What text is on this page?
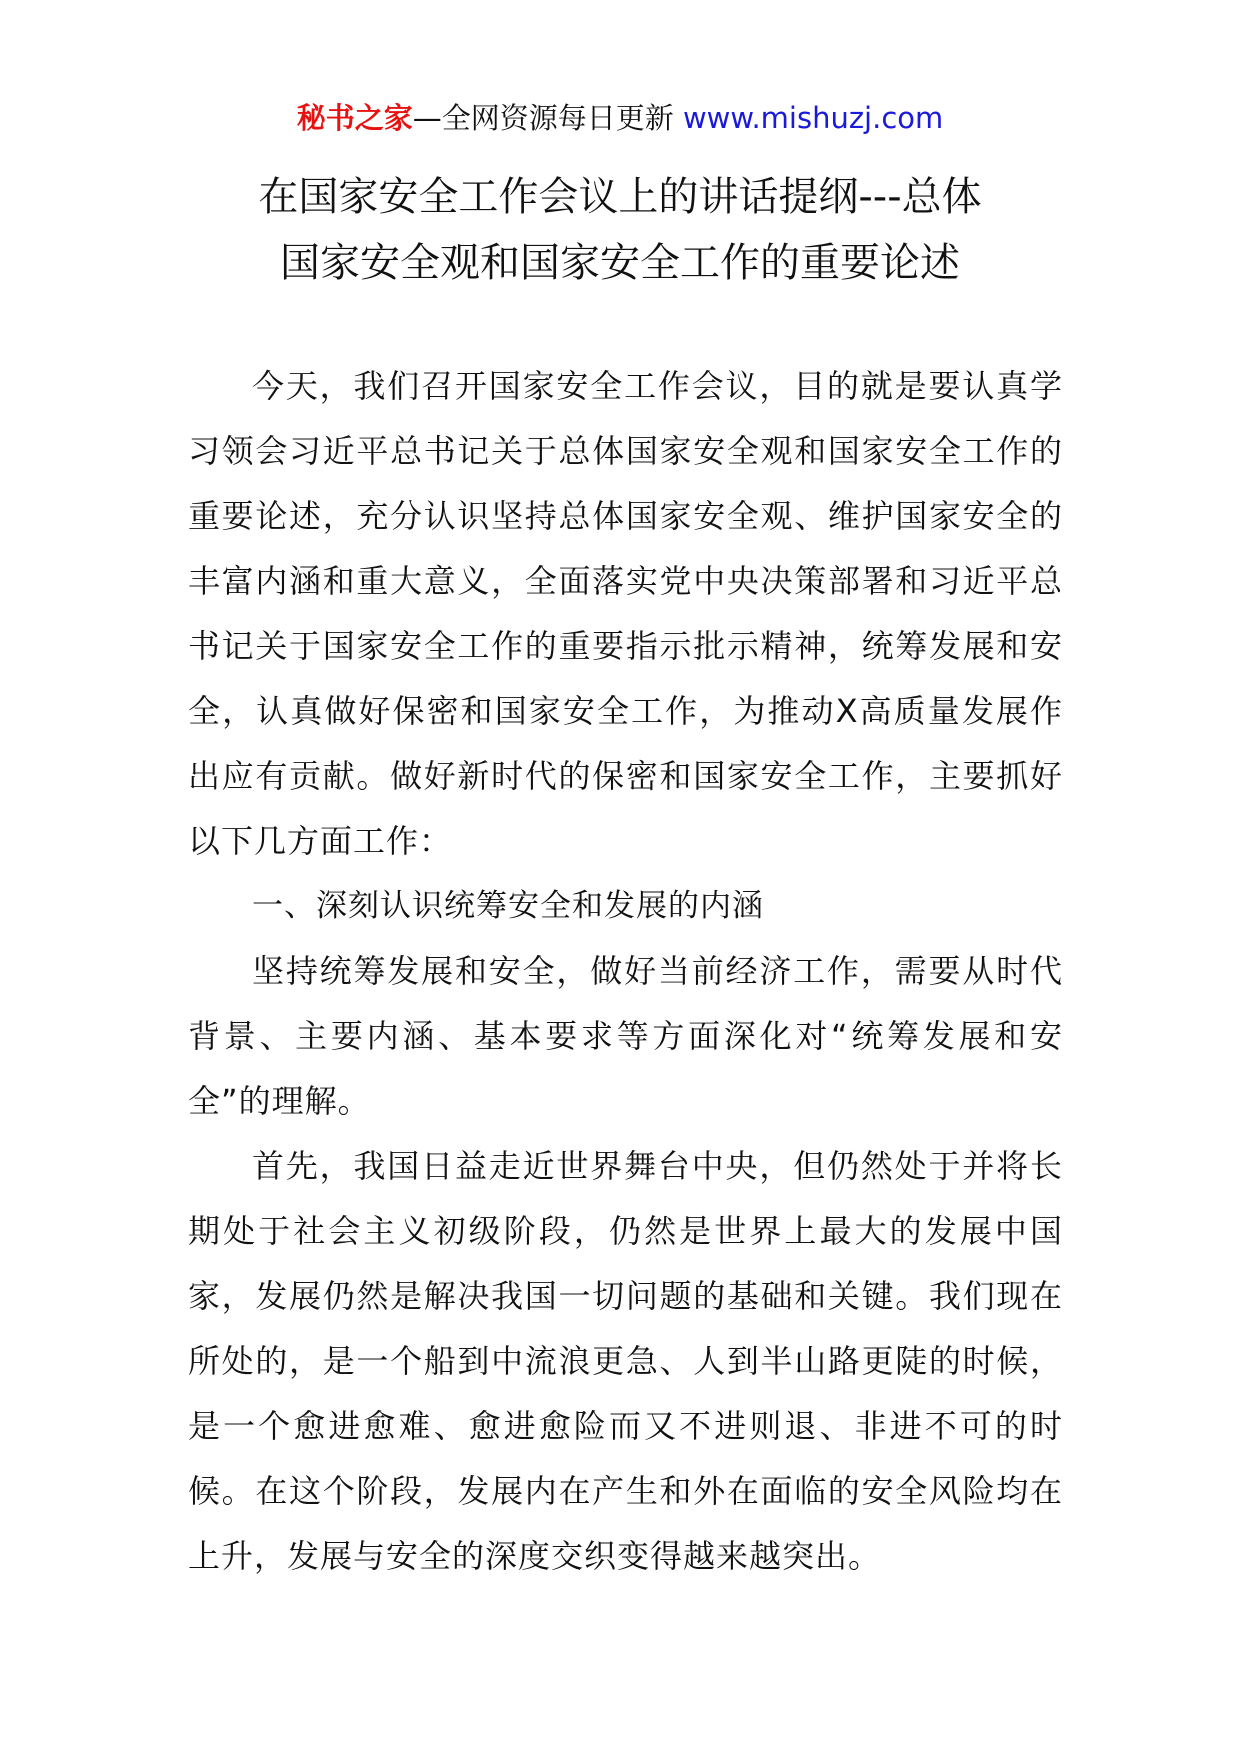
秘书之家—全网资源每日更新 www.mishuzj.com
在国家安全工作会议上的讲话提纲---总体
国家安全观和国家安全工作的重要论述

今天，我们召开国家安全工作会议，目的就是要认真学习领会习近平总书记关于总体国家安全观和国家安全工作的重要论述，充分认识坚持总体国家安全观、维护国家安全的丰富内涵和重大意义，全面落实党中央决策部署和习近平总书记关于国家安全工作的重要指示批示精神，统筹发展和安全，认真做好保密和国家安全工作，为推动X高质量发展作出应有贡献。做好新时代的保密和国家安全工作，主要抓好以下几方面工作：

一、深刻认识统筹安全和发展的内涵

坚持统筹发展和安全，做好当前经济工作，需要从时代背景、主要内涵、基本要求等方面深化对“统筹发展和安全”的理解。

首先，我国日益走近世界舞台中央，但仍然处于并将长期处于社会主义初级阶段，仍然是世界上最大的发展中国家，发展仍然是解决我国一切问题的基础和关键。我们现在所处的，是一个船到中流浪更急、人到半山路更陡的时候，是一个愈进愈难、愈进愈险而又不进则退、非进不可的时候。在这个阶段，发展内在产生和外在面临的安全风险均在上升，发展与安全的深度交织变得越来越突出。
